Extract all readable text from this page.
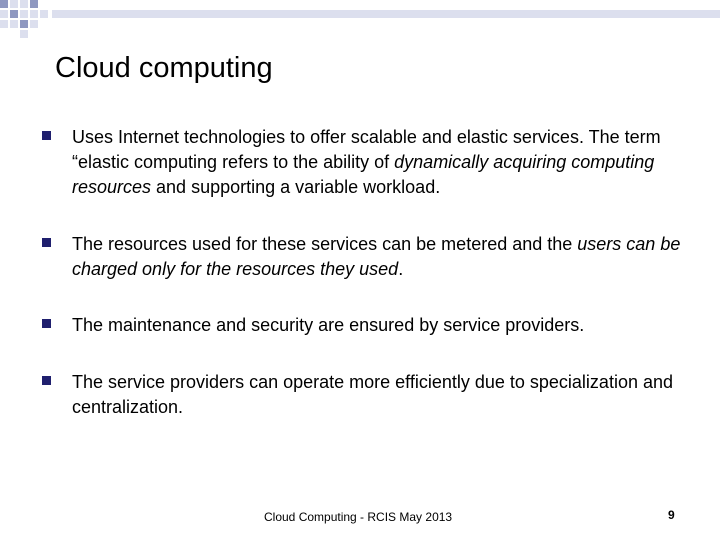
Cloud computing
Uses Internet technologies to offer scalable and elastic services. The term “elastic computing refers to the ability of dynamically acquiring computing resources and supporting a variable workload.
The resources used for these services can be metered and the users can be charged only for the resources they used.
The maintenance and security are ensured by service providers.
The service providers can operate more efficiently due to specialization and centralization.
Cloud Computing - RCIS May 2013	9
